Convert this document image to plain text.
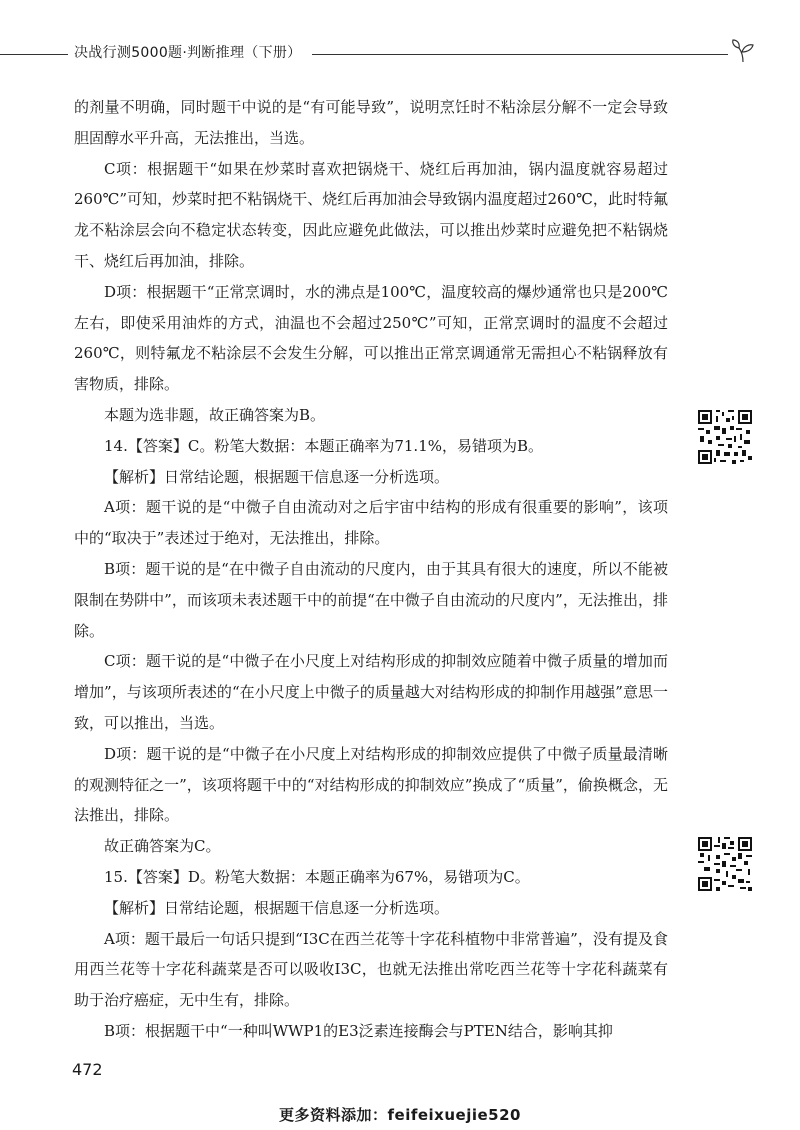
决战行测5000题·判断推理（下册）

的剂量不明确，同时题干中说的是“有可能导致”，说明烹饪时不粘涂层分解不一定会导致胆固醇水平升高，无法推出，当选。

C项：根据题干“如果在炒菜时喜欢把锅烧干、烧红后再加油，锅内温度就容易超过260℃”可知，炒菜时把不粘锅烧干、烧红后再加油会导致锅内温度超过260℃，此时特氟龙不粘涂层会向不稳定状态转变，因此应避免此做法，可以推出炒菜时应避免把不粘锅烧干、烧红后再加油，排除。

D项：根据题干“正常烹调时，水的沸点是100℃，温度较高的爆炒通常也只是200℃左右，即使采用油炸的方式，油温也不会超过250℃”可知，正常烹调时的温度不会超过260℃，则特氟龙不粘涂层不会发生分解，可以推出正常烹调通常无需担心不粘锅释放有害物质，排除。

本题为选非题，故正确答案为B。

14.【答案】C。粉笔大数据：本题正确率为71.1%，易错项为B。

【解析】日常结论题，根据题干信息逐一分析选项。

A项：题干说的是“中微子自由流动对之后宇宙中结构的形成有很重要的影响”，该项中的“取决于”表述过于绝对，无法推出，排除。

B项：题干说的是“在中微子自由流动的尺度内，由于其具有很大的速度，所以不能被限制在势阱中”，而该项未表述题干中的前提“在中微子自由流动的尺度内”，无法推出，排除。

C项：题干说的是“中微子在小尺度上对结构形成的抑制效应随着中微子质量的增加而增加”，与该项所表述的“在小尺度上中微子的质量越大对结构形成的抑制作用越强”意思一致，可以推出，当选。

D项：题干说的是“中微子在小尺度上对结构形成的抑制效应提供了中微子质量最清晰的观测特征之一”，该项将题干中的“对结构形成的抑制效应”换成了“质量”，偷换概念，无法推出，排除。

故正确答案为C。

15.【答案】D。粉笔大数据：本题正确率为67%，易错项为C。

【解析】日常结论题，根据题干信息逐一分析选项。

A项：题干最后一句话只提到“I3C在西兰花等十字花科植物中非常普遍”，没有提及食用西兰花等十字花科蔬菜是否可以吸收I3C，也就无法推出常吃西兰花等十字花科蔬菜有助于治疗癌症，无中生有，排除。

B项：根据题干中“一种叫WWP1的E3泛素连接酶会与PTEN结合，影响其抑

472
更多资料添加：feifeixuejie520
